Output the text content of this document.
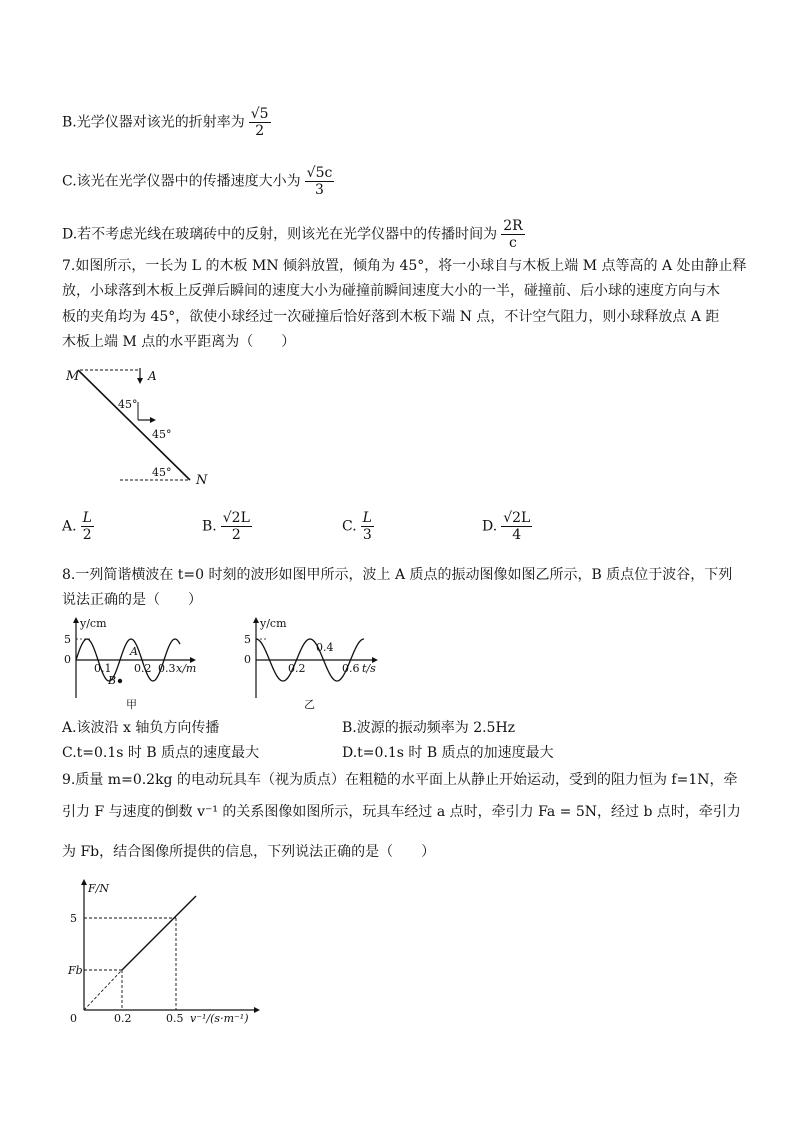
B.光学仪器对该光的折射率为 $\frac{√5}{2}$
C.该光在光学仪器中的传播速度大小为 $\frac{√5c}{3}$
D.若不考虑光线在玻璃砖中的反射，则该光在光学仪器中的传播时间为 $\frac{2R}{c}$
7.如图所示，一长为 L 的木板 MN 倾斜放置，倾角为 45°，将一小球自与木板上端 M 点等高的 A 处由静止释
放，小球落到木板上反弹后瞬间的速度大小为碰撞前瞬间速度大小的一半，碰撞前、后小球的速度方向与木
板的夹角均为 45°，欲使小球经过一次碰撞后恰好落到木板下端 N 点，不计空气阻力，则小球释放点 A 距
木板上端 M 点的水平距离为（　　）
M	A
45°
45°
45°
N
A. $\frac{L}{2}$	B. $\frac{√2L}{2}$	C. $\frac{L}{3}$	D. $\frac{√2L}{4}$
8.一列简谐横波在 t=0 时刻的波形如图甲所示，波上 A 质点的振动图像如图乙所示，B 质点位于波谷，下列
说法正确的是（　　）
y/cm
5
0
0.1 0.2 0.3 x/m
A
B
甲
y/cm
5
0
0.2
0.4
0.6 t/s
乙
A.该波沿 x 轴负方向传播	B.波源的振动频率为 2.5Hz
C.t=0.1s 时 B 质点的速度最大	D.t=0.1s 时 B 质点的加速度最大
9.质量 m=0.2kg 的电动玩具车（视为质点）在粗糙的水平面上从静止开始运动，受到的阻力恒为 f=1N，牵
引力 F 与速度的倒数 v⁻¹ 的关系图像如图所示，玩具车经过 a 点时，牵引力 Fa = 5N，经过 b 点时，牵引力
为 Fb，结合图像所提供的信息，下列说法正确的是（　　）
F/N
5
Fb
0	0.2	0.5 v⁻¹/(s·m⁻¹)
